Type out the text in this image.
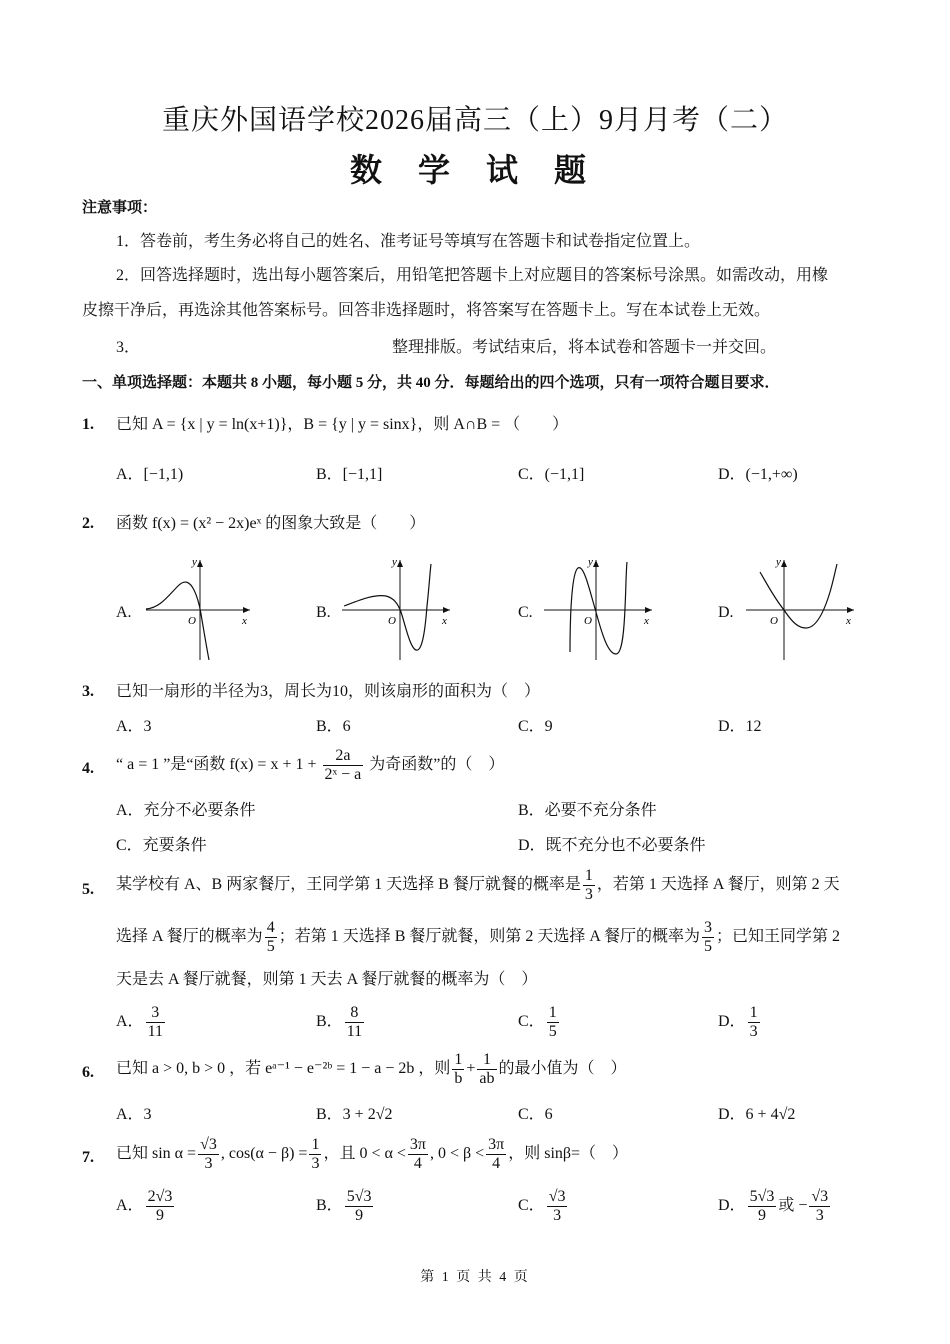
重庆外国语学校2026届高三（上）9月月考（二）
数 学 试 题
注意事项：
1．答卷前，考生务必将自己的姓名、准考证号等填写在答题卡和试卷指定位置上。
2．回答选择题时，选出每小题答案后，用铅笔把答题卡上对应题目的答案标号涂黑。如需改动，用橡
皮擦干净后，再选涂其他答案标号。回答非选择题时，将答案写在答题卡上。写在本试卷上无效。
3．	整理排版。考试结束后，将本试卷和答题卡一并交回。
一、单项选择题：本题共 8 小题，每小题 5 分，共 40 分．每题给出的四个选项，只有一项符合题目要求．
1. 已知 A = {x | y = ln(x+1)}，B = {y | y = sinx}，则 A∩B = （　　）
A．[−1,1)	B．[−1,1]	C．(−1,1]	D．(−1,+∞)
2. 函数 f(x) = (x² − 2x)eˣ 的图象大致是（　　）
A.	B.	C.	D.
y
x
O
y
x
O
y
x
O
y
x
O
3. 已知一扇形的半径为3，周长为10，则该扇形的面积为（　）
A．3	B．6	C．9	D．12
4. “ a = 1 ”是“函数 $f(x) = x + 1 + \frac{2a}{\text{2ˣ − a}}$ 为奇函数”的（　）
A．充分不必要条件	B．必要不充分条件
C．充要条件	D．既不充分也不必要条件
5. 某学校有 A、B 两家餐厅，王同学第 1 天选择 B 餐厅就餐的概率是 $\frac{1}{3}$ ，若第 1 天选择 A 餐厅，则第 2 天
选择 A 餐厅的概率为 $\frac{4}{5}$ ；若第 1 天选择 B 餐厅就餐，则第 2 天选择 A 餐厅的概率为 $\frac{3}{5}$ ；已知王同学第 2
天是去 A 餐厅就餐，则第 1 天去 A 餐厅就餐的概率为（　）
A． $\frac{3}{11}$	B． $\frac{8}{11}$	C． $\frac{1}{5}$	D． $\frac{1}{3}$
6. 已知 a > 0, b > 0 ，若 eᵃ⁻¹ − e⁻²ᵇ = 1 − a − 2b ，则 $\frac{1}{b} + \frac{1}{ab}$ 的最小值为（　）
A．3	B．3 + 2√2	C．6	D．6 + 4√2
7. 已知 $\sin \alpha = \frac{√3}{3}$ , $\cos(\alpha - \beta) = \frac{1}{3}$ ，且 $0 < \alpha < \frac{3\pi}{4}$ , $0 < \beta < \frac{3\pi}{4}$ ，则 sinβ=（　）
A． $\frac{2√3}{9}$	B． $\frac{5√3}{9}$	C． $\frac{√3}{3}$	D． $\frac{5√3}{9}$ 或 − $\frac{√3}{3}$
第 1 页 共 4 页
